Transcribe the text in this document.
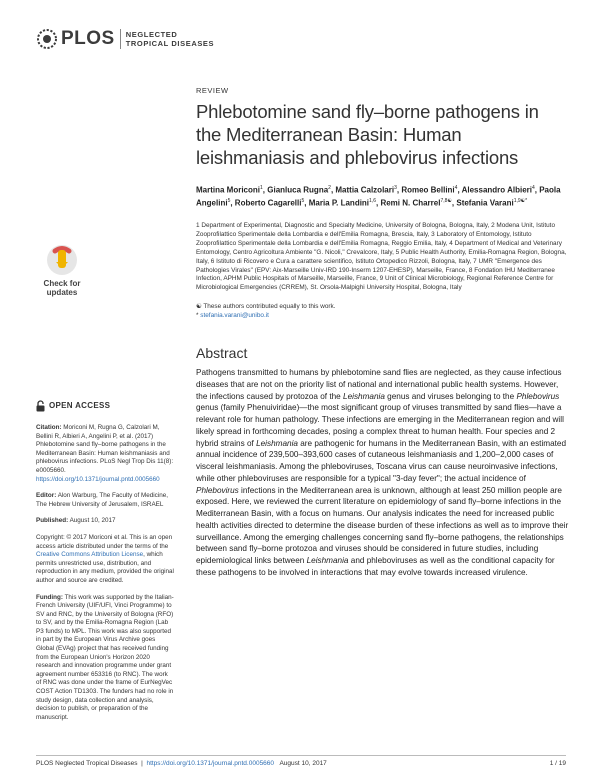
PLOS NEGLECTED
TROPICAL DISEASES
Check for
updates
OPEN ACCESS
Citation: Moriconi M, Rugna G, Calzolari M, Bellini R, Albieri A, Angelini P, et al. (2017) Phlebotomine sand fly–borne pathogens in the Mediterranean Basin: Human leishmaniasis and phlebovirus infections. PLoS Negl Trop Dis 11(8): e0005660. https://doi.org/10.1371/journal.pntd.0005660
Editor: Alon Warburg, The Faculty of Medicine, The Hebrew University of Jerusalem, ISRAEL
Published: August 10, 2017
Copyright: © 2017 Moriconi et al. This is an open access article distributed under the terms of the Creative Commons Attribution License, which permits unrestricted use, distribution, and reproduction in any medium, provided the original author and source are credited.
Funding: This work was supported by the Italian-French University (UIF/UFI, Vinci Programme) to SV and RNC, by the University of Bologna (RFO) to SV, and by the Emilia-Romagna Region (Lab P3 funds) to MPL. This work was also supported in part by the European Virus Archive goes Global (EVAg) project that has received funding from the European Union's Horizon 2020 research and innovation programme under grant agreement number 653316 (to RNC). The work of RNC was done under the frame of EurNegVec COST Action TD1303. The funders had no role in study design, data collection and analysis, decision to publish, or preparation of the manuscript.
REVIEW
Phlebotomine sand fly–borne pathogens in the Mediterranean Basin: Human leishmaniasis and phlebovirus infections
Martina Moriconi$^1$, Gianluca Rugna$^2$, Mattia Calzolari$^3$, Romeo Bellini$^4$, Alessandro Albieri$^4$, Paola Angelini$^5$, Roberto Cagarelli$^5$, Maria P. Landini$^{1,6}$, Remi N. Charrel$^{7,8☯}$, Stefania Varani$^{1,9☯*}$
1 Department of Experimental, Diagnostic and Specialty Medicine, University of Bologna, Bologna, Italy, 2 Modena Unit, Istituto Zooprofilattico Sperimentale della Lombardia e dell'Emilia Romagna, Brescia, Italy, 3 Laboratory of Entomology, Istituto Zooprofilattico Sperimentale della Lombardia e dell'Emilia Romagna, Reggio Emilia, Italy, 4 Department of Medical and Veterinary Entomology, Centro Agricoltura Ambiente "G. Nicoli," Crevalcore, Italy, 5 Public Health Authority, Emilia-Romagna Region, Bologna, Italy, 6 Istituto di Ricovero e Cura a carattere scientifico, Istituto Ortopedico Rizzoli, Bologna, Italy, 7 UMR "Emergence des Pathologies Virales" (EPV: Aix-Marseille Univ-IRD 190-Inserm 1207-EHESP), Marseille, France, 8 Fondation IHU Mediterranee Infection, APHM Public Hospitals of Marseille, Marseille, France, 9 Unit of Clinical Microbiology, Regional Reference Centre for Microbiological Emergencies (CRREM), St. Orsola-Malpighi University Hospital, Bologna, Italy
☯ These authors contributed equally to this work.
* stefania.varani@unibo.it
Abstract

Pathogens transmitted to humans by phlebotomine sand flies are neglected, as they cause infectious diseases that are not on the priority list of national and international public health systems. However, the infections caused by protozoa of the Leishmania genus and viruses belonging to the Phlebovirus genus (family Phenuiviridae)—the most significant group of viruses transmitted by sand flies—have a relevant role for human pathology. These infections are emerging in the Mediterranean region and will likely spread in forthcoming decades, posing a complex threat to human health. Four species and 2 hybrid strains of Leishmania are pathogenic for humans in the Mediterranean Basin, with an estimated annual incidence of 239,500–393,600 cases of cutaneous leishmaniasis and 1,200–2,000 cases of visceral leishmaniasis. Among the phleboviruses, Toscana virus can cause neuroinvasive infections, while other phleboviruses are responsible for a typical "3-day fever"; the actual incidence of Phlebovirus infections in the Mediterranean area is unknown, although at least 250 million people are exposed. Here, we reviewed the current literature on epidemiology of sand fly–borne infections in the Mediterranean Basin, with a focus on humans. Our analysis indicates the need for increased public health activities directed to determine the disease burden of these infections as well as to improve their surveillance. Among the emerging challenges concerning sand fly–borne pathogens, the relationships between sand fly–borne protozoa and viruses should be considered in future studies, including epidemiological links between Leishmania and phleboviruses as well as the conditional capacity for these pathogens to be involved in interactions that may evolve towards increased virulence.

PLOS Neglected Tropical Diseases  |  https://doi.org/10.1371/journal.pntd.0005660 August 10, 2017	1 / 19
